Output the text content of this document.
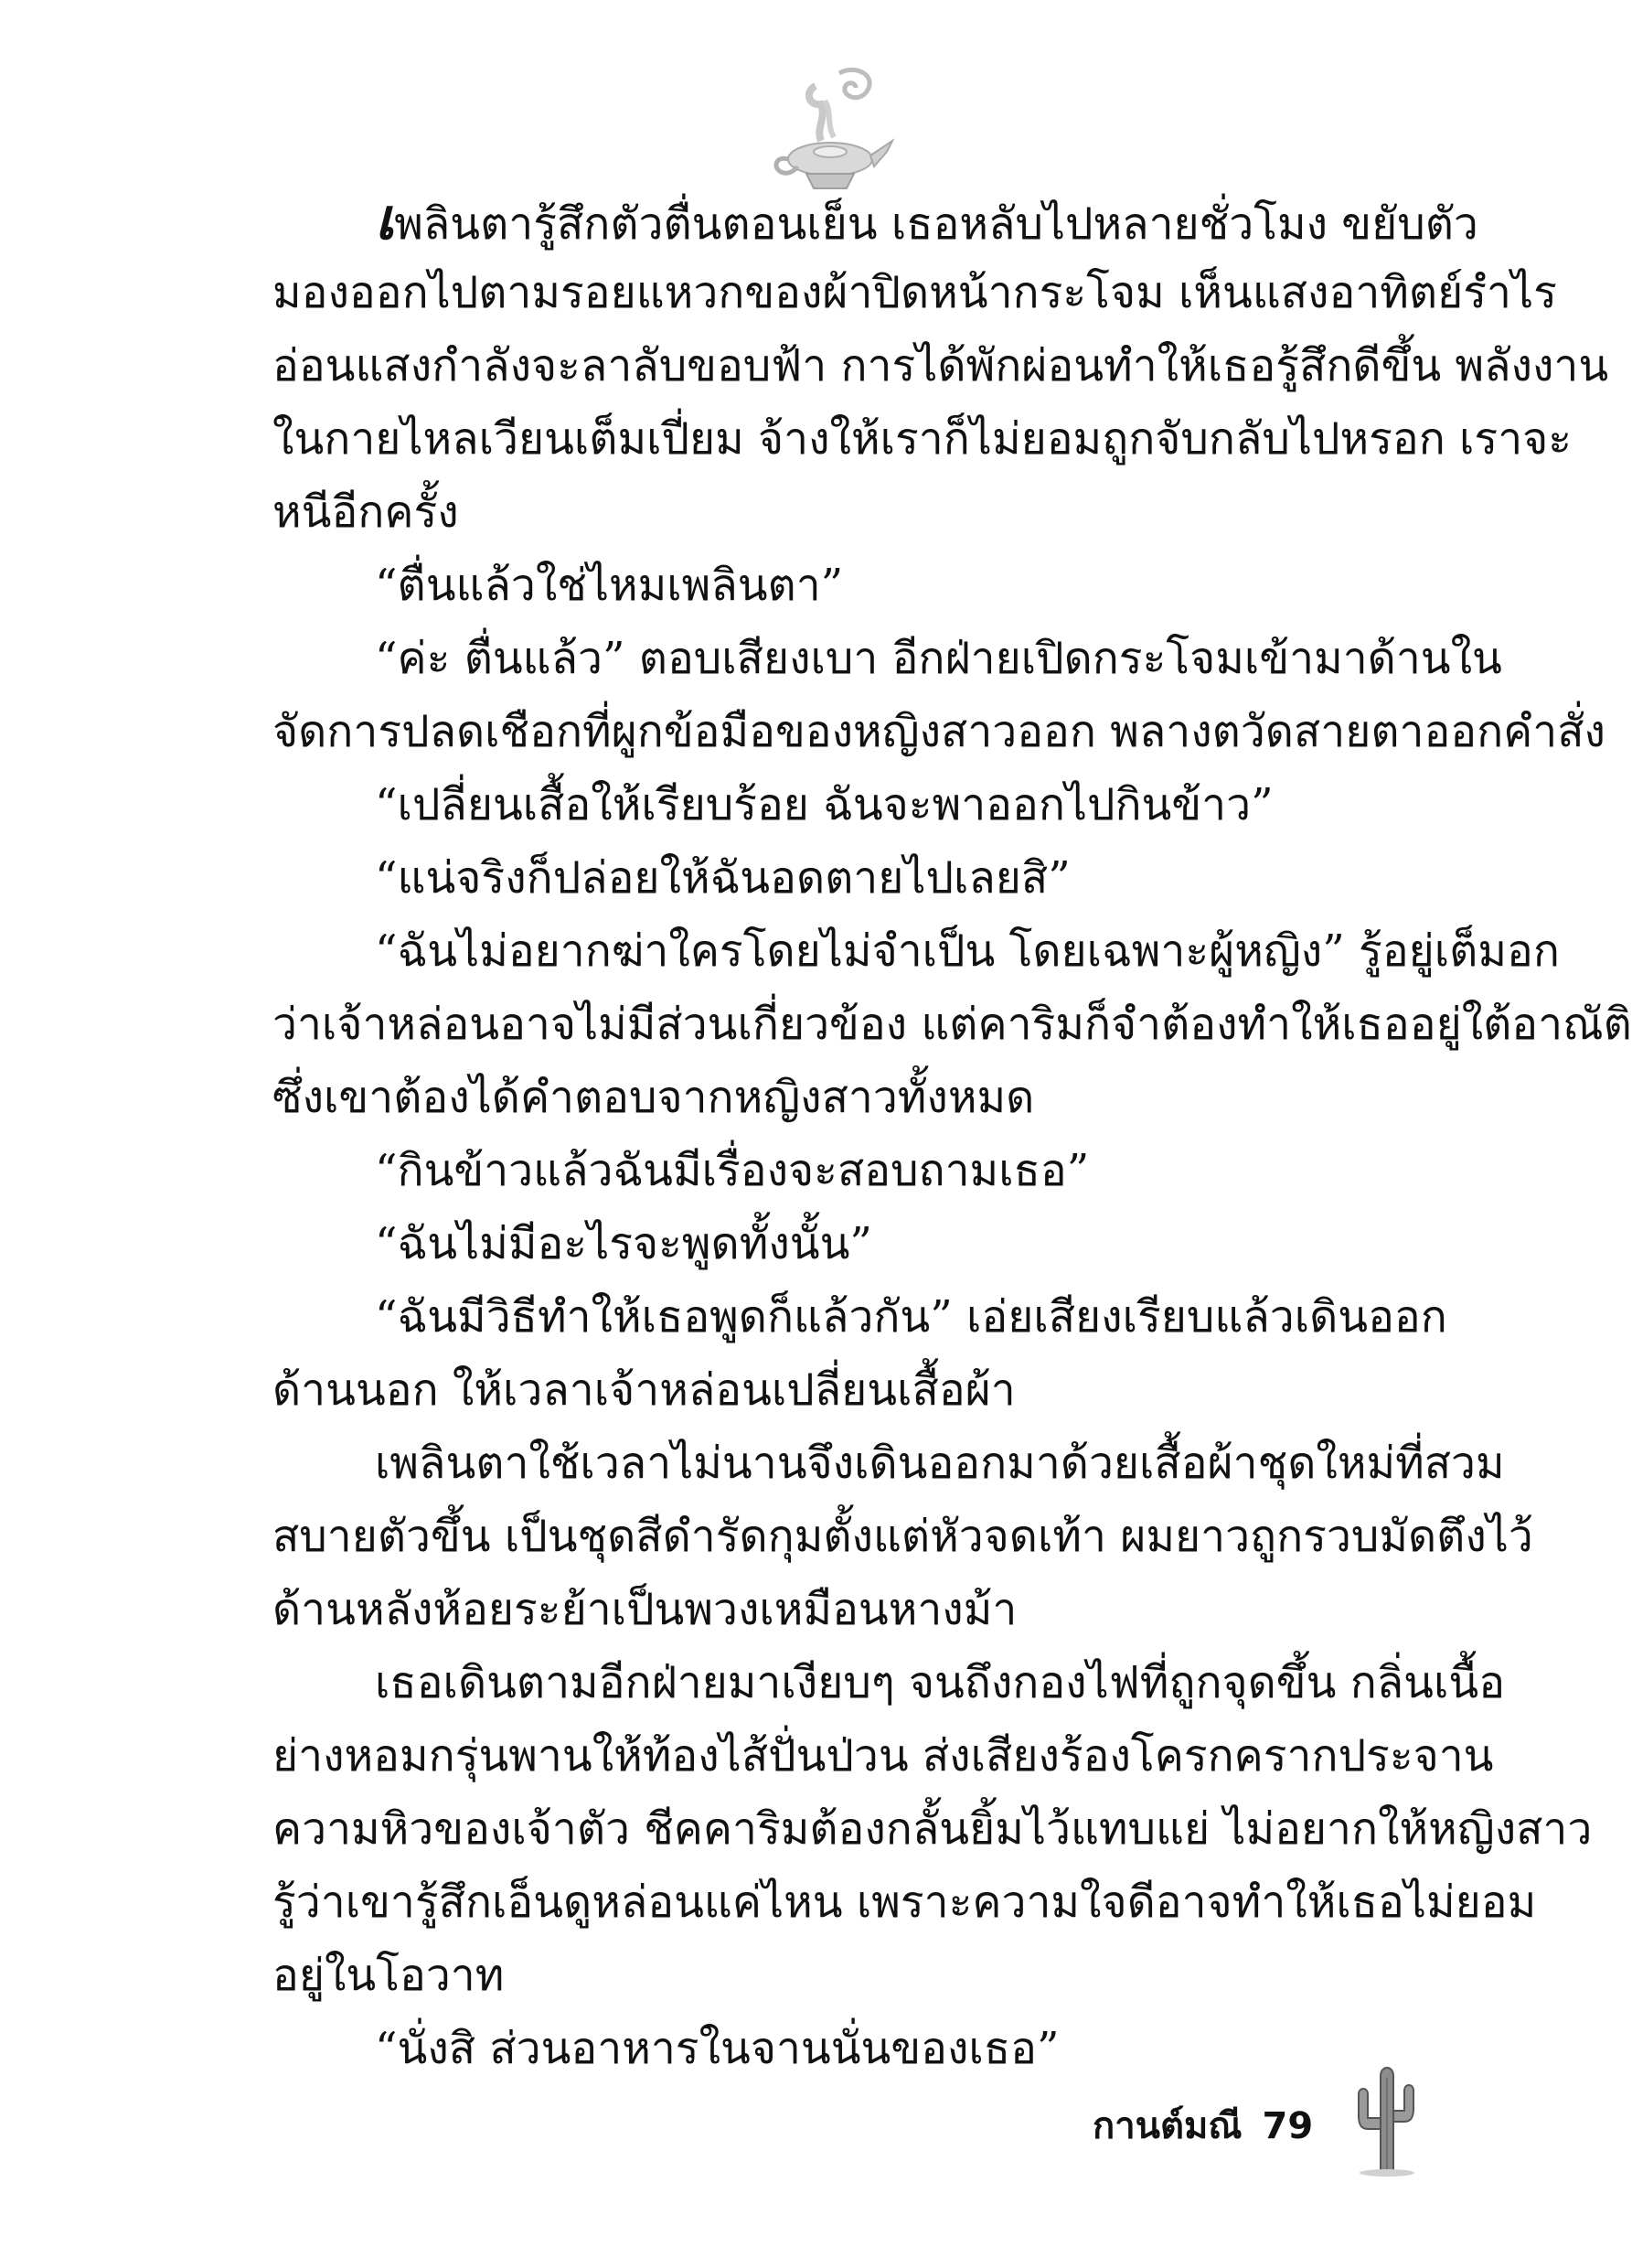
เพลินตารู้สึกตัวตื่นตอนเย็น เธอหลับไปหลายชั่วโมง ขยับตัว
มองออกไปตามรอยแหวกของผ้าปิดหน้ากระโจม เห็นแสงอาทิตย์รำไร
อ่อนแสงกำลังจะลาลับขอบฟ้า การได้พักผ่อนทำให้เธอรู้สึกดีขึ้น พลังงาน
ในกายไหลเวียนเต็มเปี่ยม จ้างให้เราก็ไม่ยอมถูกจับกลับไปหรอก เราจะ
หนีอีกครั้ง
“ตื่นแล้วใช่ไหมเพลินตา”
“ค่ะ ตื่นแล้ว” ตอบเสียงเบา อีกฝ่ายเปิดกระโจมเข้ามาด้านใน
จัดการปลดเชือกที่ผูกข้อมือของหญิงสาวออก พลางตวัดสายตาออกคำสั่ง
“เปลี่ยนเสื้อให้เรียบร้อย ฉันจะพาออกไปกินข้าว”
“แน่จริงก็ปล่อยให้ฉันอดตายไปเลยสิ”
“ฉันไม่อยากฆ่าใครโดยไม่จำเป็น โดยเฉพาะผู้หญิง” รู้อยู่เต็มอก
ว่าเจ้าหล่อนอาจไม่มีส่วนเกี่ยวข้อง แต่คาริมก็จำต้องทำให้เธออยู่ใต้อาณัติ
ซึ่งเขาต้องได้คำตอบจากหญิงสาวทั้งหมด
“กินข้าวแล้วฉันมีเรื่องจะสอบถามเธอ”
“ฉันไม่มีอะไรจะพูดทั้งนั้น”
“ฉันมีวิธีทำให้เธอพูดก็แล้วกัน” เอ่ยเสียงเรียบแล้วเดินออก
ด้านนอก ให้เวลาเจ้าหล่อนเปลี่ยนเสื้อผ้า
เพลินตาใช้เวลาไม่นานจึงเดินออกมาด้วยเสื้อผ้าชุดใหม่ที่สวม
สบายตัวขึ้น เป็นชุดสีดำรัดกุมตั้งแต่หัวจดเท้า ผมยาวถูกรวบมัดตึงไว้
ด้านหลังห้อยระย้าเป็นพวงเหมือนหางม้า
เธอเดินตามอีกฝ่ายมาเงียบๆ จนถึงกองไฟที่ถูกจุดขึ้น กลิ่นเนื้อ
ย่างหอมกรุ่นพานให้ท้องไส้ปั่นป่วน ส่งเสียงร้องโครกครากประจาน
ความหิวของเจ้าตัว ชีคคาริมต้องกลั้นยิ้มไว้แทบแย่ ไม่อยากให้หญิงสาว
รู้ว่าเขารู้สึกเอ็นดูหล่อนแค่ไหน เพราะความใจดีอาจทำให้เธอไม่ยอม
อยู่ในโอวาท
“นั่งสิ ส่วนอาหารในจานนั่นของเธอ”
กานต์มณี 79
